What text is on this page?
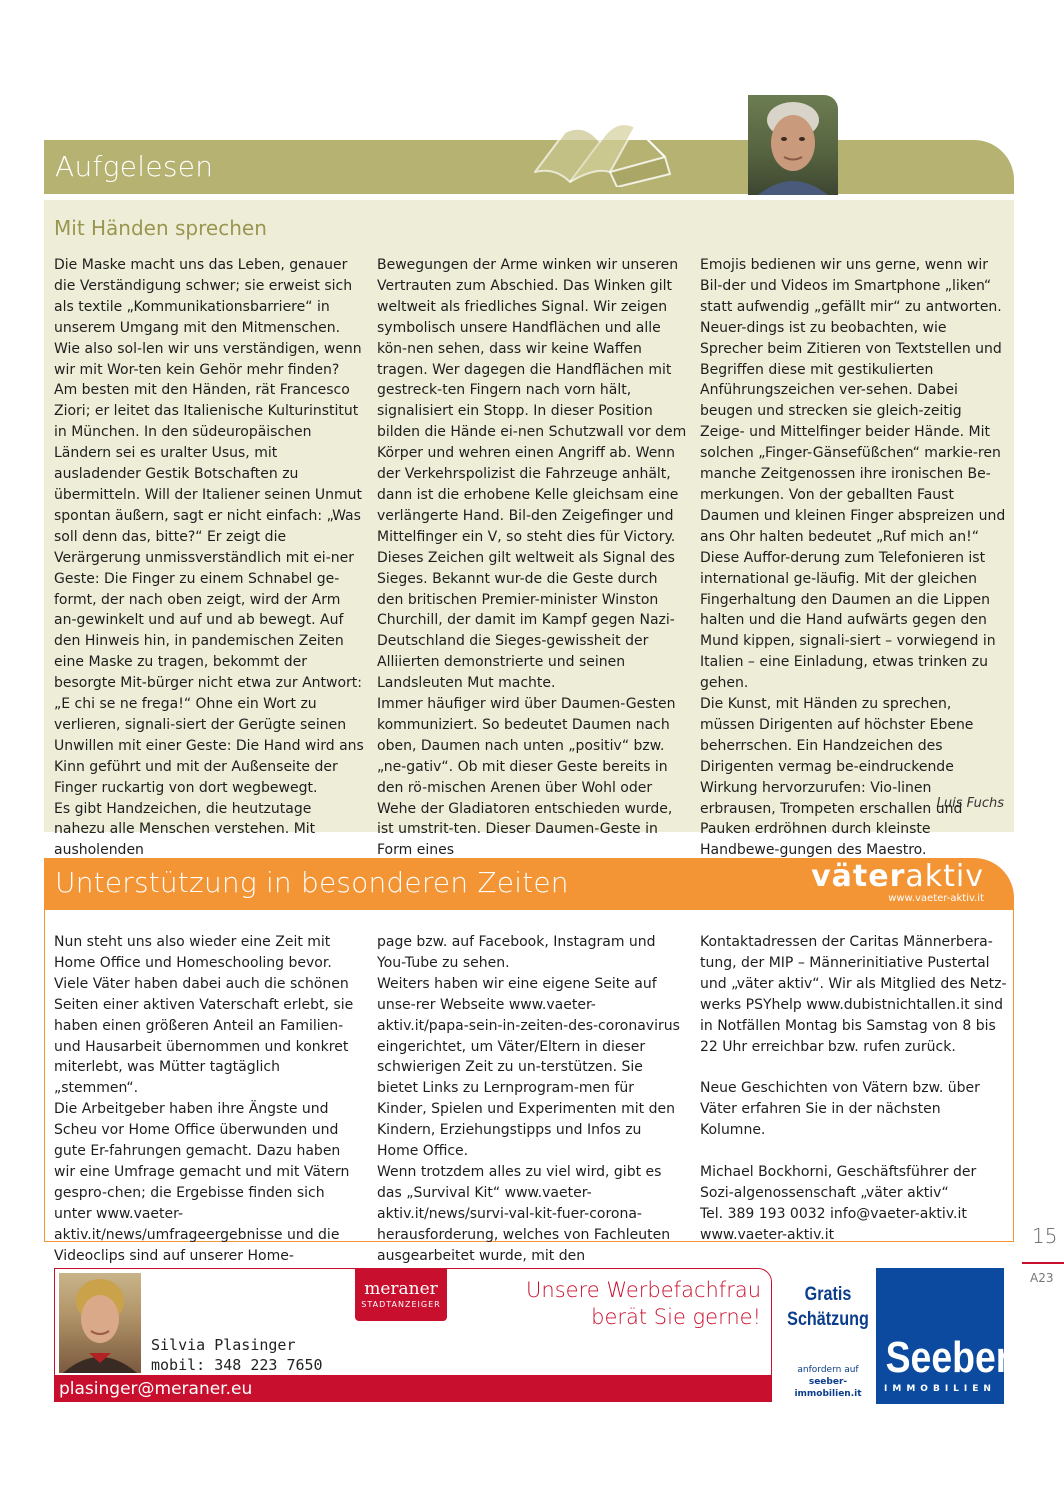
Aufgelesen
Mit Händen sprechen
Die Maske macht uns das Leben, genauer die Verständigung schwer; sie erweist sich als textile „Kommunikationsbarriere“ in unserem Umgang mit den Mitmenschen. Wie also sol-len wir uns verständigen, wenn wir mit Wor-ten kein Gehör mehr finden?
Am besten mit den Händen, rät Francesco Ziori; er leitet das Italienische Kulturinstitut in München. In den südeuropäischen Ländern sei es uralter Usus, mit ausladender Gestik Botschaften zu übermitteln. Will der Italiener seinen Unmut spontan äußern, sagt er nicht einfach: „Was soll denn das, bitte?“ Er zeigt die Verärgerung unmissverständlich mit ei-ner Geste: Die Finger zu einem Schnabel ge-formt, der nach oben zeigt, wird der Arm an-gewinkelt und auf und ab bewegt. Auf den Hinweis hin, in pandemischen Zeiten eine Maske zu tragen, bekommt der besorgte Mit-bürger nicht etwa zur Antwort: „E chi se ne frega!“ Ohne ein Wort zu verlieren, signali-siert der Gerügte seinen Unwillen mit einer Geste: Die Hand wird ans Kinn geführt und mit der Außenseite der Finger ruckartig von dort wegbewegt.
Es gibt Handzeichen, die heutzutage nahezu alle Menschen verstehen. Mit ausholenden
Bewegungen der Arme winken wir unseren Vertrauten zum Abschied. Das Winken gilt weltweit als friedliches Signal. Wir zeigen symbolisch unsere Handflächen und alle kön-nen sehen, dass wir keine Waffen tragen. Wer dagegen die Handflächen mit gestreck-ten Fingern nach vorn hält, signalisiert ein Stopp. In dieser Position bilden die Hände ei-nen Schutzwall vor dem Körper und wehren einen Angriff ab. Wenn der Verkehrspolizist die Fahrzeuge anhält, dann ist die erhobene Kelle gleichsam eine verlängerte Hand. Bil-den Zeigefinger und Mittelfinger ein V, so steht dies für Victory. Dieses Zeichen gilt weltweit als Signal des Sieges. Bekannt wur-de die Geste durch den britischen Premier-minister Winston Churchill, der damit im Kampf gegen Nazi-Deutschland die Sieges-gewissheit der Alliierten demonstrierte und seinen Landsleuten Mut machte.
Immer häufiger wird über Daumen-Gesten kommuniziert. So bedeutet Daumen nach oben, Daumen nach unten „positiv“ bzw. „ne-gativ“. Ob mit dieser Geste bereits in den rö-mischen Arenen über Wohl oder Wehe der Gladiatoren entschieden wurde, ist umstrit-ten. Dieser Daumen-Geste in Form eines
Emojis bedienen wir uns gerne, wenn wir Bil-der und Videos im Smartphone „liken“ statt aufwendig „gefällt mir“ zu antworten. Neuer-dings ist zu beobachten, wie Sprecher beim Zitieren von Textstellen und Begriffen diese mit gestikulierten Anführungszeichen ver-sehen. Dabei beugen und strecken sie gleich-zeitig Zeige- und Mittelfinger beider Hände. Mit solchen „Finger-Gänsefüßchen“ markie-ren manche Zeitgenossen ihre ironischen Be-merkungen. Von der geballten Faust Daumen und kleinen Finger abspreizen und ans Ohr halten bedeutet „Ruf mich an!“ Diese Auffor-derung zum Telefonieren ist international ge-läufig. Mit der gleichen Fingerhaltung den Daumen an die Lippen halten und die Hand aufwärts gegen den Mund kippen, signali-siert – vorwiegend in Italien – eine Einladung, etwas trinken zu gehen.
Die Kunst, mit Händen zu sprechen, müssen Dirigenten auf höchster Ebene beherrschen. Ein Handzeichen des Dirigenten vermag be-eindruckende Wirkung hervorzurufen: Vio-linen erbrausen, Trompeten erschallen und Pauken erdröhnen durch kleinste Handbewe-gungen des Maestro.
Luis Fuchs
Unterstützung in besonderen Zeiten	väteraktiv
www.vaeter-aktiv.it
Nun steht uns also wieder eine Zeit mit Home Office und Homeschooling bevor. Viele Väter haben dabei auch die schönen Seiten einer aktiven Vaterschaft erlebt, sie haben einen größeren Anteil an Familien- und Hausarbeit übernommen und konkret miterlebt, was Mütter tagtäglich „stemmen“.
Die Arbeitgeber haben ihre Ängste und Scheu vor Home Office überwunden und gute Er-fahrungen gemacht. Dazu haben wir eine Umfrage gemacht und mit Vätern gespro-chen; die Ergebisse finden sich unter www.vaeter-aktiv.it/news/umfrageergebnisse und die Videoclips sind auf unserer Home-
page bzw. auf Facebook, Instagram und You-Tube zu sehen.
Weiters haben wir eine eigene Seite auf unse-rer Webseite www.vaeter-aktiv.it/papa-sein-in-zeiten-des-coronavirus eingerichtet, um Väter/Eltern in dieser schwierigen Zeit zu un-terstützen. Sie bietet Links zu Lernprogram-men für Kinder, Spielen und Experimenten mit den Kindern, Erziehungstipps und Infos zu Home Office.
Wenn trotzdem alles zu viel wird, gibt es das „Survival Kit“ www.vaeter-aktiv.it/news/survi-val-kit-fuer-corona-herausforderung, welches von Fachleuten ausgearbeitet wurde, mit den
Kontaktadressen der Caritas Männerbera-tung, der MIP – Männerinitiative Pustertal und „väter aktiv“. Wir als Mitglied des Netz-werks PSYhelp www.dubistnichtallen.it sind in Notfällen Montag bis Samstag von 8 bis 22 Uhr erreichbar bzw. rufen zurück.

Neue Geschichten von Vätern bzw. über Väter erfahren Sie in der nächsten Kolumne.

Michael Bockhorni, Geschäftsführer der Sozi-algenossenschaft „väter aktiv“
Tel. 389 193 0032 info@vaeter-aktiv.it
www.vaeter-aktiv.it	15
A23
Silvia Plasinger
mobil: 348 223 7650
meraner
STADTANZEIGER
Unsere Werbefachfrau
berät Sie gerne!
plasinger@meraner.eu
Gratis
Schätzung
anfordern auf
seeber-immobilien.it
Seeber
IMMOBILIEN
